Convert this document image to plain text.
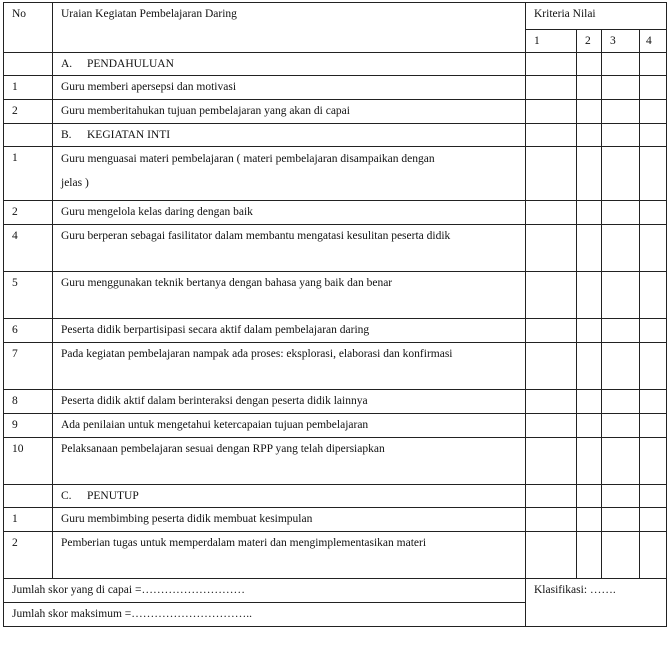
No	Uraian Kegiatan Pembelajaran Daring	Kriteria Nilai			
		1	2	3	4
	A. PENDAHULUAN				
1	Guru memberi apersepsi dan motivasi				
2	Guru memberitahukan tujuan pembelajaran yang akan di capai				
	B. KEGIATAN INTI				
1	Guru menguasai materi pembelajaran ( materi pembelajaran disampaikan dengan
jelas )				

2	Guru mengelola kelas daring dengan baik				
4	Guru berperan sebagai fasilitator dalam membantu mengatasi kesulitan peserta didik				
5	Guru menggunakan teknik bertanya dengan bahasa yang baik dan benar				
6	Peserta didik berpartisipasi secara aktif dalam pembelajaran daring				
7	Pada kegiatan pembelajaran nampak ada proses: eksplorasi, elaborasi dan konfirmasi				
8	Peserta didik aktif dalam berinteraksi dengan peserta didik lainnya				
9	Ada penilaian untuk mengetahui ketercapaian tujuan pembelajaran				
10	Pelaksanaan pembelajaran sesuai dengan RPP yang telah dipersiapkan				
	C. PENUTUP				
1	Guru membimbing peserta didik membuat kesimpulan				
2	Pemberian tugas untuk memperdalam materi dan mengimplementasikan materi				
Jumlah skor yang di capai =………………………		Klasifikasi: …….			
Jumlah skor maksimum =…………………………..					
